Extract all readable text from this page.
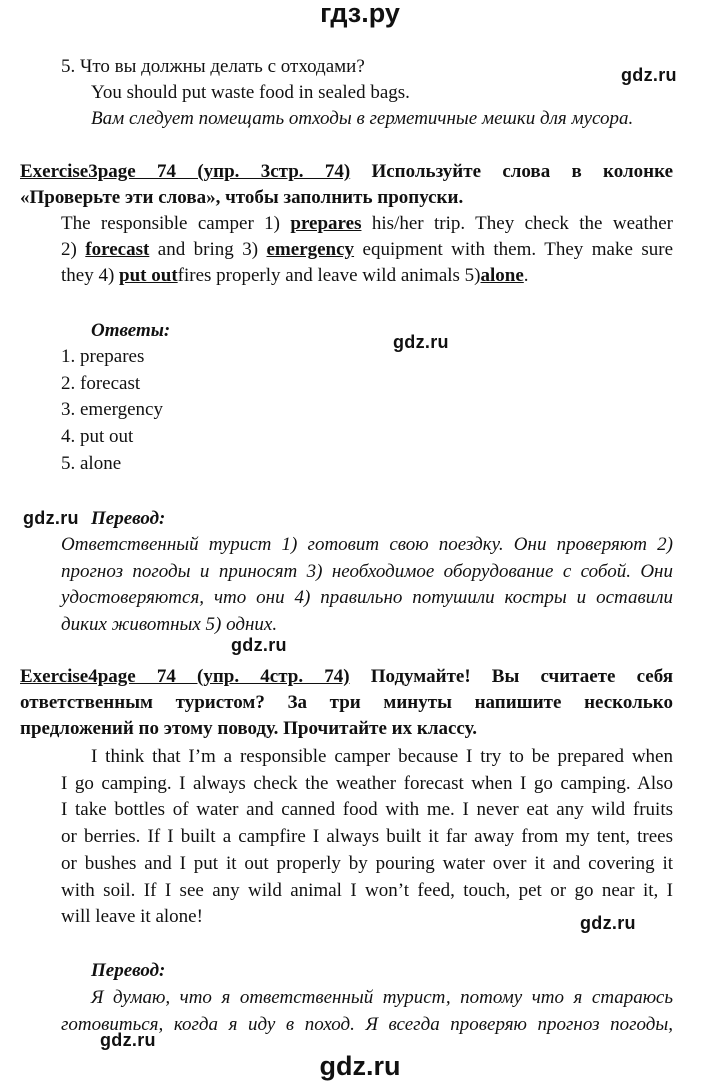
гдз.ру
5. Что вы должны делать с отходами?	gdz.ru
You should put waste food in sealed bags.
Вам следует помещать отходы в герметичные мешки для мусора.
Exercise3page 74 (упр. 3стр. 74) Используйте слова в колонке
«Проверьте эти слова», чтобы заполнить пропуски.
The responsible camper 1) prepares his/her trip. They check the weather
2) forecast and bring 3) emergency equipment with them. They make sure
they 4) put outfires properly and leave wild animals 5)alone.
Ответы:
gdz.ru
1. prepares
2. forecast
3. emergency
4. put out
5. alone
gdz.ru Перевод:
Ответственный турист 1) готовит свою поездку. Они проверяют 2)
прогноз погоды и приносят 3) необходимое оборудование с собой. Они
удостоверяются, что они 4) правильно потушили костры и оставили
диких животных 5) одних.
gdz.ru
Exercise4page 74 (упр. 4стр. 74) Подумайте! Вы считаете себя
ответственным туристом? За три минуты напишите несколько
предложений по этому поводу. Прочитайте их классу.
I think that I’m a responsible camper because I try to be prepared when
I go camping. I always check the weather forecast when I go camping. Also
I take bottles of water and canned food with me. I never eat any wild fruits
or berries. If I built a campfire I always built it far away from my tent, trees
or bushes and I put it out properly by pouring water over it and covering it
with soil. If I see any wild animal I won’t feed, touch, pet or go near it, I
will leave it alone!	gdz.ru
Перевод:
Я думаю, что я ответственный турист, потому что я стараюсь
готовиться, когда я иду в поход. Я всегда проверяю прогноз погоды,
gdz.ru
gdz.ru
